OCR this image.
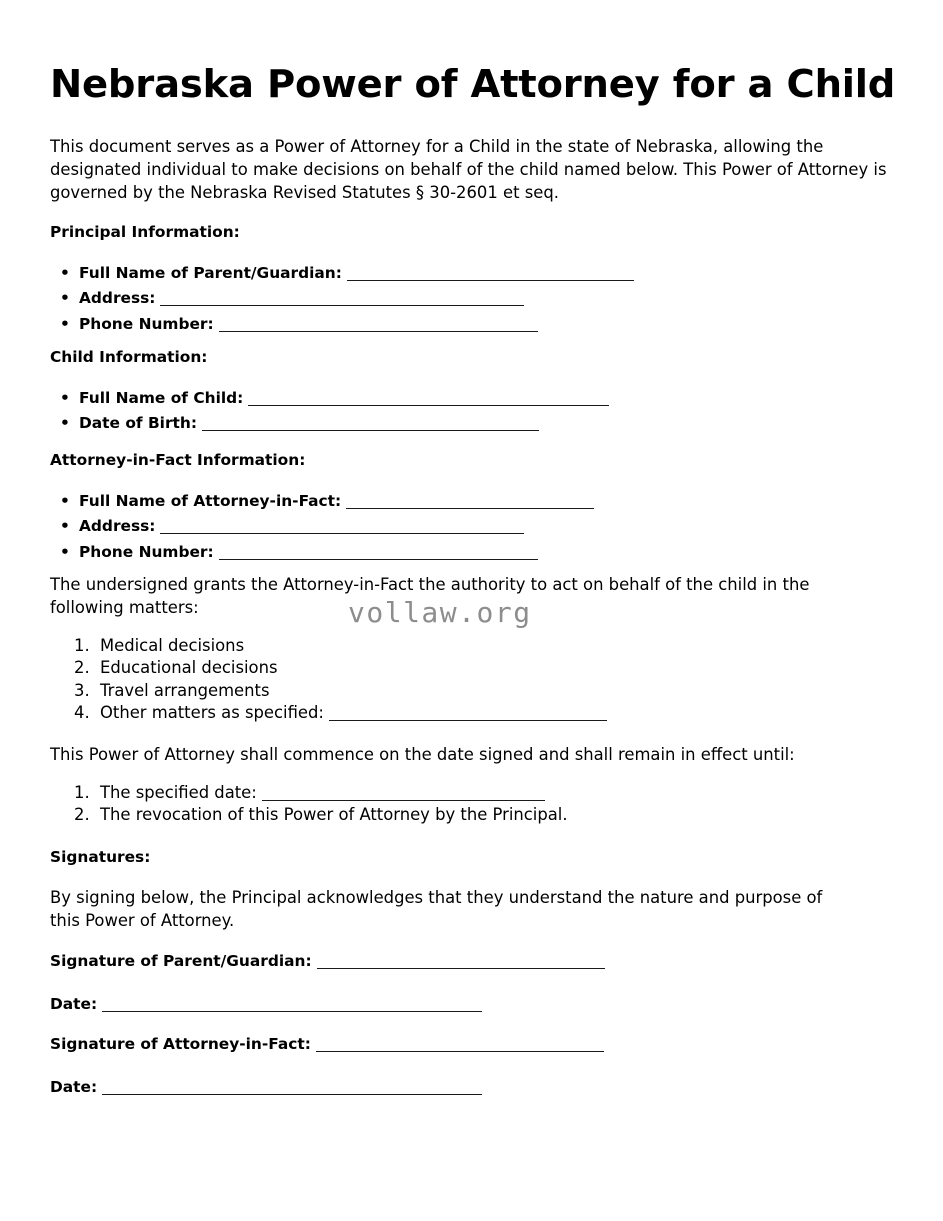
Nebraska Power of Attorney for a Child

This document serves as a Power of Attorney for a Child in the state of Nebraska, allowing the designated individual to make decisions on behalf of the child named below. This Power of Attorney is governed by the Nebraska Revised Statutes § 30-2601 et seq.

Principal Information:
• Full Name of Parent/Guardian:
• Address:
• Phone Number:
Child Information:
• Full Name of Child:
• Date of Birth:
Attorney-in-Fact Information:
• Full Name of Attorney-in-Fact:
• Address:
• Phone Number:

The undersigned grants the Attorney-in-Fact the authority to act on behalf of the child in the following matters:

Medical decisions
Educational decisions
Travel arrangements
Other matters as specified:

This Power of Attorney shall commence on the date signed and shall remain in effect until:

The specified date:
The revocation of this Power of Attorney by the Principal.
Signatures:

By signing below, the Principal acknowledges that they understand the nature and purpose of this Power of Attorney.

Signature of Parent/Guardian:
Date:
Signature of Attorney-in-Fact:
Date:
vollaw.org
